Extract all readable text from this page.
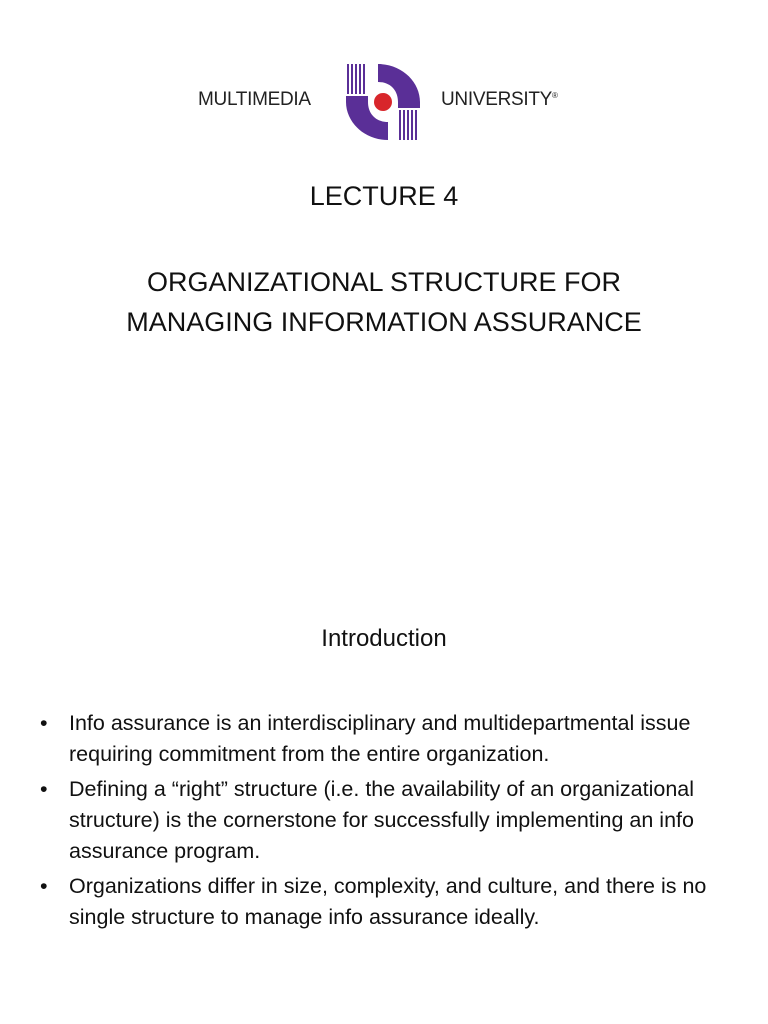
MULTIMEDIA	UNIVERSITY®
LECTURE 4
ORGANIZATIONAL STRUCTURE FOR
MANAGING INFORMATION ASSURANCE
Introduction
• Info assurance is an interdisciplinary and multidepartmental issue requiring commitment from the entire organization.
• Defining a “right” structure (i.e. the availability of an organizational structure) is the cornerstone for successfully implementing an info assurance program.
• Organizations differ in size, complexity, and culture, and there is no single structure to manage info assurance ideally.
